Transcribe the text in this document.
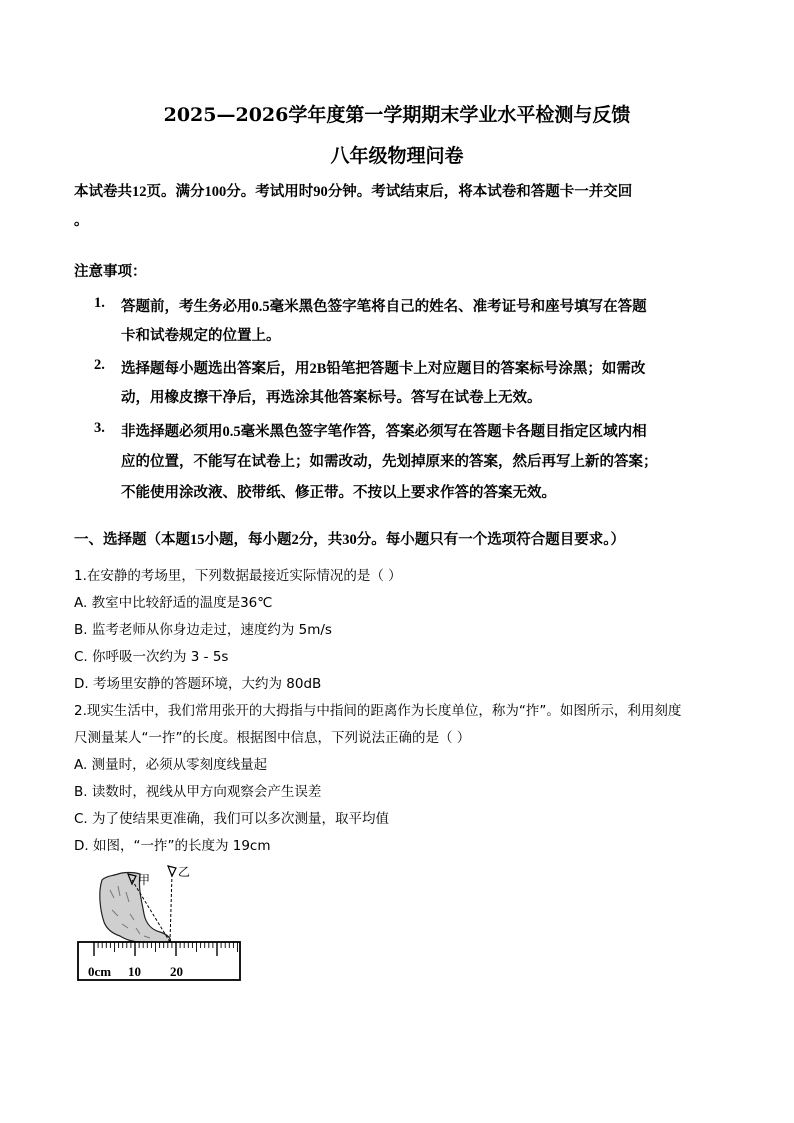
2025—2026学年度第一学期期末学业水平检测与反馈
八年级物理问卷
本试卷共12页。满分100分。考试用时90分钟。考试结束后，将本试卷和答题卡一并交回
。
注意事项：
1. 答题前，考生务必用0.5毫米黑色签字笔将自己的姓名、准考证号和座号填写在答题
卡和试卷规定的位置上。
2. 选择题每小题选出答案后，用2B铅笔把答题卡上对应题目的答案标号涂黑；如需改
动，用橡皮擦干净后，再选涂其他答案标号。答写在试卷上无效。
3. 非选择题必须用0.5毫米黑色签字笔作答，答案必须写在答题卡各题目指定区域内相
应的位置，不能写在试卷上；如需改动，先划掉原来的答案，然后再写上新的答案；
不能使用涂改液、胶带纸、修正带。不按以上要求作答的答案无效。
一、选择题（本题15小题，每小题2分，共30分。每小题只有一个选项符合题目要求。）
1.在安静的考场里，下列数据最接近实际情况的是（ ）
A. 教室中比较舒适的温度是36℃
B. 监考老师从你身边走过，速度约为 5m/s
C. 你呼吸一次约为 3 - 5s
D. 考场里安静的答题环境，大约为 80dB
2.现实生活中，我们常用张开的大拇指与中指间的距离作为长度单位，称为“拃”。如图所示，利用刻度
尺测量某人“一拃”的长度。根据图中信息，下列说法正确的是（ ）
A. 测量时，必须从零刻度线量起
B. 读数时，视线从甲方向观察会产生误差
C. 为了使结果更准确，我们可以多次测量，取平均值
D. 如图，“一拃”的长度为 19cm
甲
乙
0cm 10 20
